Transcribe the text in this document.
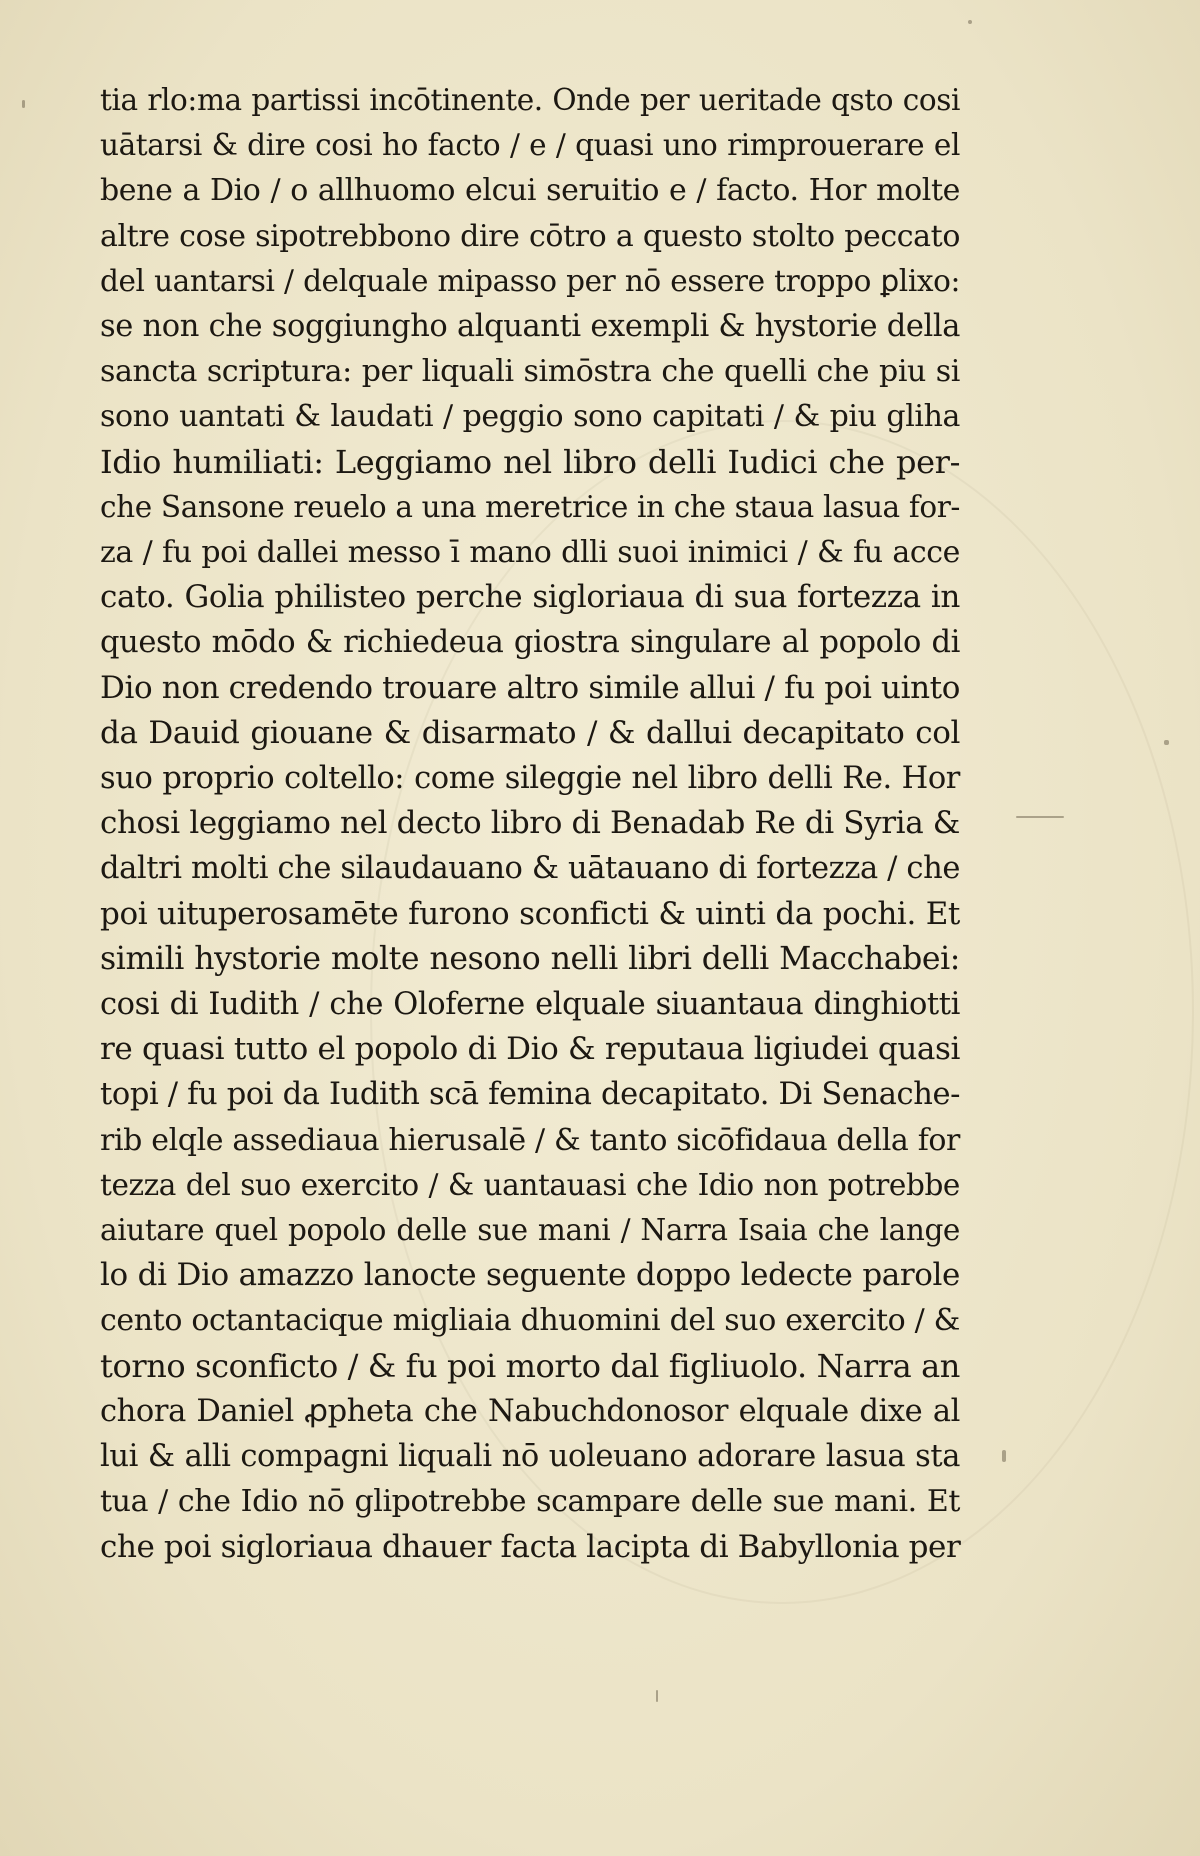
tia rlo:ma partissi incōtinente. Onde per ueritade qsto cosi
uātarsi & dire cosi ho facto / e / quasi uno rimprouerare el
bene a Dio / o allhuomo elcui seruitio e / facto. Hor molte
altre cose sipotrebbono dire cōtro a questo stolto peccato
del uantarsi / delquale mipasso per nō essere troppo ꝑlixo:
se non che soggiungho alquanti exempli & hystorie della
sancta scriptura: per liquali simōstra che quelli che piu si
sono uantati & laudati / peggio sono capitati / & piu gliha
Idio humiliati: Leggiamo nel libro delli Iudici che per-
che Sansone reuelo a una meretrice in che staua lasua for-
za / fu poi dallei messo ī mano dlli suoi inimici / & fu acce
cato. Golia philisteo perche sigloriaua di sua fortezza in
questo mōdo & richiedeua giostra singulare al popolo di
Dio non credendo trouare altro simile allui / fu poi uinto
da Dauid giouane & disarmato / & dallui decapitato col
suo proprio coltello: come sileggie nel libro delli Re. Hor
chosi leggiamo nel decto libro di Benadab Re di Syria &
daltri molti che silaudauano & uātauano di fortezza / che
poi uituperosamēte furono sconficti & uinti da pochi. Et
simili hystorie molte nesono nelli libri delli Macchabei:
cosi di Iudith / che Oloferne elquale siuantaua dinghiotti
re quasi tutto el popolo di Dio & reputaua ligiudei quasi
topi / fu poi da Iudith scā femina decapitato. Di Senache-
rib elqle assediaua hierusalē / & tanto sicōfidaua della for
tezza del suo exercito / & uantauasi che Idio non potrebbe
aiutare quel popolo delle sue mani / Narra Isaia che lange
lo di Dio amazzo lanocte seguente doppo ledecte parole
cento octantacique migliaia dhuomini del suo exercito / &
torno sconficto / & fu poi morto dal figliuolo. Narra an
chora Daniel ꝓpheta che Nabuchdonosor elquale dixe al
lui & alli compagni liquali nō uoleuano adorare lasua sta
tua / che Idio nō glipotrebbe scampare delle sue mani. Et
che poi sigloriaua dhauer facta lacipta di Babyllonia per
